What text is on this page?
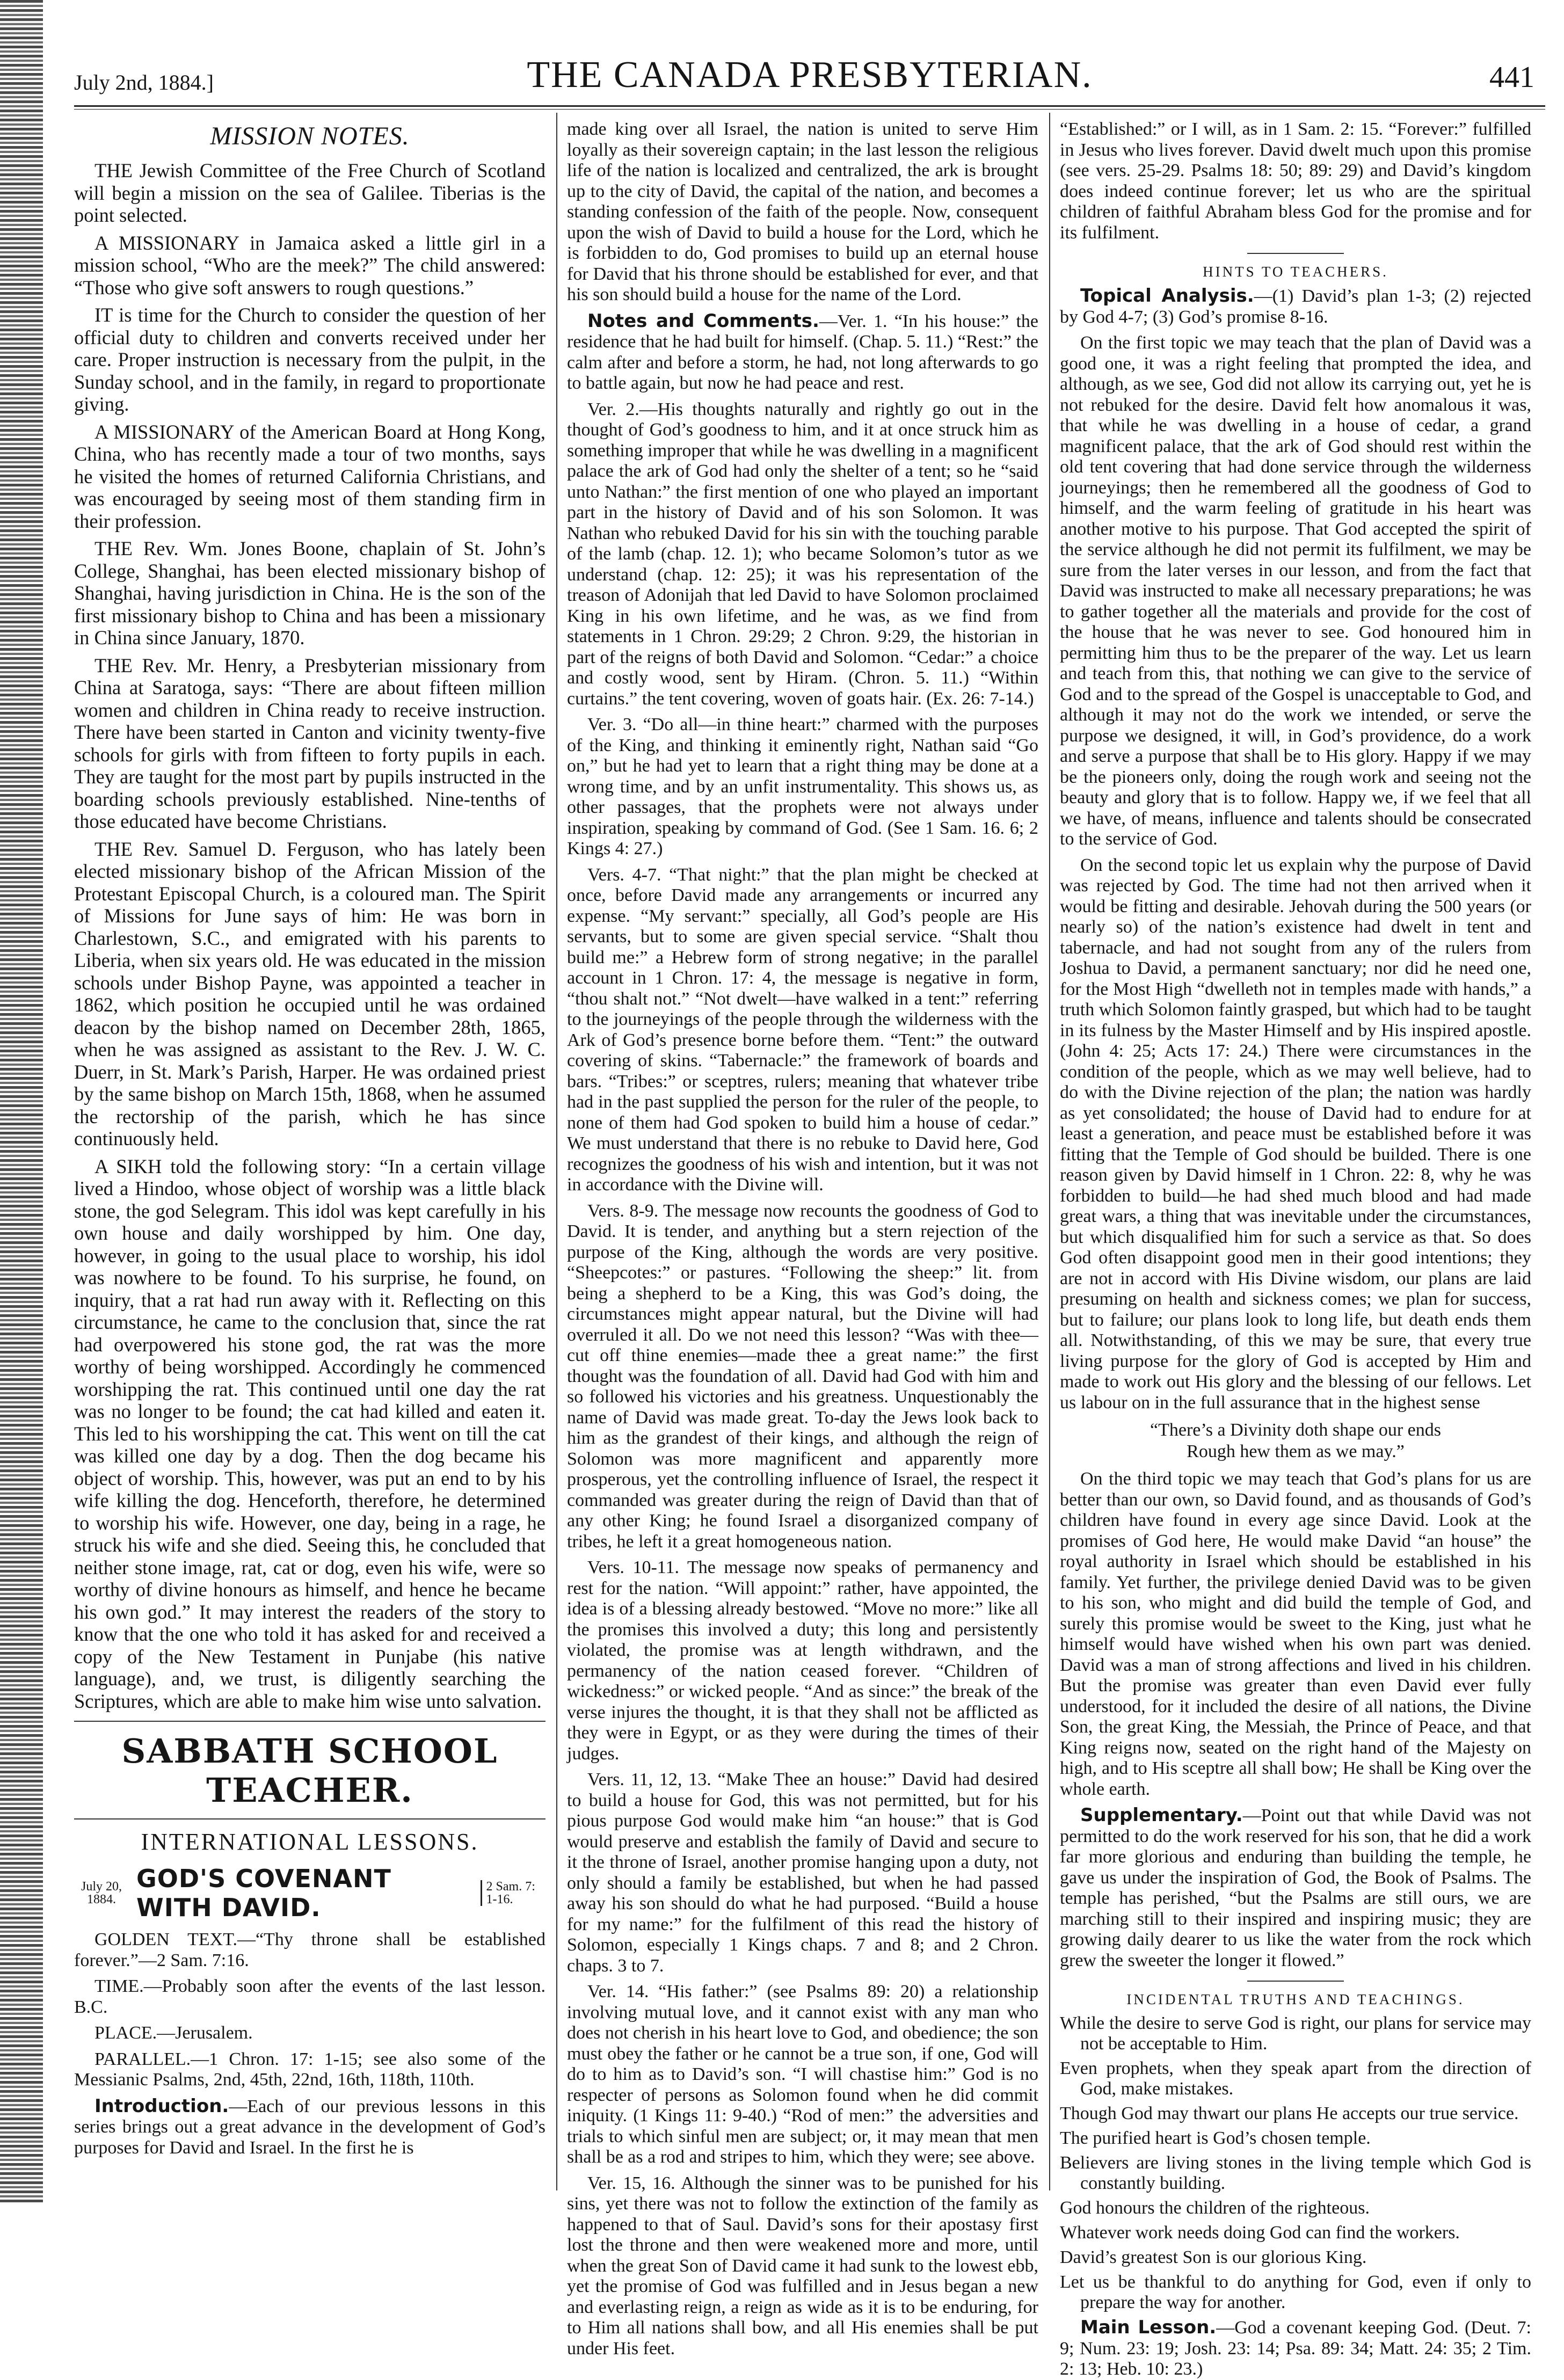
July 2nd, 1884.]	THE CANADA PRESBYTERIAN.	441
MISSION NOTES.

THE Jewish Committee of the Free Church of Scotland will begin a mission on the sea of Galilee. Tiberias is the point selected.

A MISSIONARY in Jamaica asked a little girl in a mission school, “Who are the meek?” The child answered: “Those who give soft answers to rough questions.”

IT is time for the Church to consider the question of her official duty to children and converts received under her care. Proper instruction is necessary from the pulpit, in the Sunday school, and in the family, in regard to proportionate giving.

A MISSIONARY of the American Board at Hong Kong, China, who has recently made a tour of two months, says he visited the homes of returned California Christians, and was encouraged by seeing most of them standing firm in their profession.

THE Rev. Wm. Jones Boone, chaplain of St. John’s College, Shanghai, has been elected missionary bishop of Shanghai, having jurisdiction in China. He is the son of the first missionary bishop to China and has been a missionary in China since January, 1870.

THE Rev. Mr. Henry, a Presbyterian missionary from China at Saratoga, says: “There are about fifteen million women and children in China ready to receive instruction. There have been started in Canton and vicinity twenty-five schools for girls with from fifteen to forty pupils in each. They are taught for the most part by pupils instructed in the boarding schools previously established. Nine-tenths of those educated have become Christians.

THE Rev. Samuel D. Ferguson, who has lately been elected missionary bishop of the African Mission of the Protestant Episcopal Church, is a coloured man. The Spirit of Missions for June says of him: He was born in Charlestown, S.C., and emigrated with his parents to Liberia, when six years old. He was educated in the mission schools under Bishop Payne, was appointed a teacher in 1862, which position he occupied until he was ordained deacon by the bishop named on December 28th, 1865, when he was assigned as assistant to the Rev. J. W. C. Duerr, in St. Mark’s Parish, Harper. He was ordained priest by the same bishop on March 15th, 1868, when he assumed the rectorship of the parish, which he has since continuously held.

A SIKH told the following story: “In a certain village lived a Hindoo, whose object of worship was a little black stone, the god Selegram. This idol was kept carefully in his own house and daily worshipped by him. One day, however, in going to the usual place to worship, his idol was nowhere to be found. To his surprise, he found, on inquiry, that a rat had run away with it. Reflecting on this circumstance, he came to the conclusion that, since the rat had overpowered his stone god, the rat was the more worthy of being worshipped. Accordingly he commenced worshipping the rat. This continued until one day the rat was no longer to be found; the cat had killed and eaten it. This led to his worshipping the cat. This went on till the cat was killed one day by a dog. Then the dog became his object of worship. This, however, was put an end to by his wife killing the dog. Henceforth, therefore, he determined to worship his wife. However, one day, being in a rage, he struck his wife and she died. Seeing this, he concluded that neither stone image, rat, cat or dog, even his wife, were so worthy of divine honours as himself, and hence he became his own god.” It may interest the readers of the story to know that the one who told it has asked for and received a copy of the New Testament in Punjabe (his native language), and, we trust, is diligently searching the Scriptures, which are able to make him wise unto salvation.

SABBATH SCHOOL TEACHER.
INTERNATIONAL LESSONS.
July 20, 1884.
GOD'S COVENANT WITH DAVID.
2 Sam. 7: 1-16.

GOLDEN TEXT.—“Thy throne shall be established forever.”—2 Sam. 7:16.

TIME.—Probably soon after the events of the last lesson. B.C.

PLACE.—Jerusalem.

PARALLEL.—1 Chron. 17: 1-15; see also some of the Messianic Psalms, 2nd, 45th, 22nd, 16th, 118th, 110th.

Introduction.—Each of our previous lessons in this series brings out a great advance in the development of God’s purposes for David and Israel. In the first he is

made king over all Israel, the nation is united to serve Him loyally as their sovereign captain; in the last lesson the religious life of the nation is localized and centralized, the ark is brought up to the city of David, the capital of the nation, and becomes a standing confession of the faith of the people. Now, consequent upon the wish of David to build a house for the Lord, which he is forbidden to do, God promises to build up an eternal house for David that his throne should be established for ever, and that his son should build a house for the name of the Lord.

Notes and Comments.—Ver. 1. “In his house:” the residence that he had built for himself. (Chap. 5. 11.) “Rest:” the calm after and before a storm, he had, not long afterwards to go to battle again, but now he had peace and rest.

Ver. 2.—His thoughts naturally and rightly go out in the thought of God’s goodness to him, and it at once struck him as something improper that while he was dwelling in a magnificent palace the ark of God had only the shelter of a tent; so he “said unto Nathan:” the first mention of one who played an important part in the history of David and of his son Solomon. It was Nathan who rebuked David for his sin with the touching parable of the lamb (chap. 12. 1); who became Solomon’s tutor as we understand (chap. 12: 25); it was his representation of the treason of Adonijah that led David to have Solomon proclaimed King in his own lifetime, and he was, as we find from statements in 1 Chron. 29:29; 2 Chron. 9:29, the historian in part of the reigns of both David and Solomon. “Cedar:” a choice and costly wood, sent by Hiram. (Chron. 5. 11.) “Within curtains.” the tent covering, woven of goats hair. (Ex. 26: 7-14.)

Ver. 3. “Do all—in thine heart:” charmed with the purposes of the King, and thinking it eminently right, Nathan said “Go on,” but he had yet to learn that a right thing may be done at a wrong time, and by an unfit instrumentality. This shows us, as other passages, that the prophets were not always under inspiration, speaking by command of God. (See 1 Sam. 16. 6; 2 Kings 4: 27.)

Vers. 4-7. “That night:” that the plan might be checked at once, before David made any arrangements or incurred any expense. “My servant:” specially, all God’s people are His servants, but to some are given special service. “Shalt thou build me:” a Hebrew form of strong negative; in the parallel account in 1 Chron. 17: 4, the message is negative in form, “thou shalt not.” “Not dwelt—have walked in a tent:” referring to the journeyings of the people through the wilderness with the Ark of God’s presence borne before them. “Tent:” the outward covering of skins. “Tabernacle:” the framework of boards and bars. “Tribes:” or sceptres, rulers; meaning that whatever tribe had in the past supplied the person for the ruler of the people, to none of them had God spoken to build him a house of cedar.” We must understand that there is no rebuke to David here, God recognizes the goodness of his wish and intention, but it was not in accordance with the Divine will.

Vers. 8-9. The message now recounts the goodness of God to David. It is tender, and anything but a stern rejection of the purpose of the King, although the words are very positive. “Sheepcotes:” or pastures. “Following the sheep:” lit. from being a shepherd to be a King, this was God’s doing, the circumstances might appear natural, but the Divine will had overruled it all. Do we not need this lesson? “Was with thee—cut off thine enemies—made thee a great name:” the first thought was the foundation of all. David had God with him and so followed his victories and his greatness. Unquestionably the name of David was made great. To-day the Jews look back to him as the grandest of their kings, and although the reign of Solomon was more magnificent and apparently more prosperous, yet the controlling influence of Israel, the respect it commanded was greater during the reign of David than that of any other King; he found Israel a disorganized company of tribes, he left it a great homogeneous nation.

Vers. 10-11. The message now speaks of permanency and rest for the nation. “Will appoint:” rather, have appointed, the idea is of a blessing already bestowed. “Move no more:” like all the promises this involved a duty; this long and persistently violated, the promise was at length withdrawn, and the permanency of the nation ceased forever. “Children of wickedness:” or wicked people. “And as since:” the break of the verse injures the thought, it is that they shall not be afflicted as they were in Egypt, or as they were during the times of their judges.

Vers. 11, 12, 13. “Make Thee an house:” David had desired to build a house for God, this was not permitted, but for his pious purpose God would make him “an house:” that is God would preserve and establish the family of David and secure to it the throne of Israel, another promise hanging upon a duty, not only should a family be established, but when he had passed away his son should do what he had purposed. “Build a house for my name:” for the fulfilment of this read the history of Solomon, especially 1 Kings chaps. 7 and 8; and 2 Chron. chaps. 3 to 7.

Ver. 14. “His father:” (see Psalms 89: 20) a relationship involving mutual love, and it cannot exist with any man who does not cherish in his heart love to God, and obedience; the son must obey the father or he cannot be a true son, if one, God will do to him as to David’s son. “I will chastise him:” God is no respecter of persons as Solomon found when he did commit iniquity. (1 Kings 11: 9-40.) “Rod of men:” the adversities and trials to which sinful men are subject; or, it may mean that men shall be as a rod and stripes to him, which they were; see above.

Ver. 15, 16. Although the sinner was to be punished for his sins, yet there was not to follow the extinction of the family as happened to that of Saul. David’s sons for their apostasy first lost the throne and then were weakened more and more, until when the great Son of David came it had sunk to the lowest ebb, yet the promise of God was fulfilled and in Jesus began a new and everlasting reign, a reign as wide as it is to be enduring, for to Him all nations shall bow, and all His enemies shall be put under His feet.

“Established:” or I will, as in 1 Sam. 2: 15. “Forever:” fulfilled in Jesus who lives forever. David dwelt much upon this promise (see vers. 25-29. Psalms 18: 50; 89: 29) and David’s kingdom does indeed continue forever; let us who are the spiritual children of faithful Abraham bless God for the promise and for its fulfilment.

HINTS TO TEACHERS.

Topical Analysis.—(1) David’s plan 1-3; (2) rejected by God 4-7; (3) God’s promise 8-16.

On the first topic we may teach that the plan of David was a good one, it was a right feeling that prompted the idea, and although, as we see, God did not allow its carrying out, yet he is not rebuked for the desire. David felt how anomalous it was, that while he was dwelling in a house of cedar, a grand magnificent palace, that the ark of God should rest within the old tent covering that had done service through the wilderness journeyings; then he remembered all the goodness of God to himself, and the warm feeling of gratitude in his heart was another motive to his purpose. That God accepted the spirit of the service although he did not permit its fulfilment, we may be sure from the later verses in our lesson, and from the fact that David was instructed to make all necessary preparations; he was to gather together all the materials and provide for the cost of the house that he was never to see. God honoured him in permitting him thus to be the preparer of the way. Let us learn and teach from this, that nothing we can give to the service of God and to the spread of the Gospel is unacceptable to God, and although it may not do the work we intended, or serve the purpose we designed, it will, in God’s providence, do a work and serve a purpose that shall be to His glory. Happy if we may be the pioneers only, doing the rough work and seeing not the beauty and glory that is to follow. Happy we, if we feel that all we have, of means, influence and talents should be consecrated to the service of God.

On the second topic let us explain why the purpose of David was rejected by God. The time had not then arrived when it would be fitting and desirable. Jehovah during the 500 years (or nearly so) of the nation’s existence had dwelt in tent and tabernacle, and had not sought from any of the rulers from Joshua to David, a permanent sanctuary; nor did he need one, for the Most High “dwelleth not in temples made with hands,” a truth which Solomon faintly grasped, but which had to be taught in its fulness by the Master Himself and by His inspired apostle. (John 4: 25; Acts 17: 24.) There were circumstances in the condition of the people, which as we may well believe, had to do with the Divine rejection of the plan; the nation was hardly as yet consolidated; the house of David had to endure for at least a generation, and peace must be established before it was fitting that the Temple of God should be builded. There is one reason given by David himself in 1 Chron. 22: 8, why he was forbidden to build—he had shed much blood and had made great wars, a thing that was inevitable under the circumstances, but which disqualified him for such a service as that. So does God often disappoint good men in their good intentions; they are not in accord with His Divine wisdom, our plans are laid presuming on health and sickness comes; we plan for success, but to failure; our plans look to long life, but death ends them all. Notwithstanding, of this we may be sure, that every true living purpose for the glory of God is accepted by Him and made to work out His glory and the blessing of our fellows. Let us labour on in the full assurance that in the highest sense

“There’s a Divinity doth shape our ends
Rough hew them as we may.”

On the third topic we may teach that God’s plans for us are better than our own, so David found, and as thousands of God’s children have found in every age since David. Look at the promises of God here, He would make David “an house” the royal authority in Israel which should be established in his family. Yet further, the privilege denied David was to be given to his son, who might and did build the temple of God, and surely this promise would be sweet to the King, just what he himself would have wished when his own part was denied. David was a man of strong affections and lived in his children. But the promise was greater than even David ever fully understood, for it included the desire of all nations, the Divine Son, the great King, the Messiah, the Prince of Peace, and that King reigns now, seated on the right hand of the Majesty on high, and to His sceptre all shall bow; He shall be King over the whole earth.

Supplementary.—Point out that while David was not permitted to do the work reserved for his son, that he did a work far more glorious and enduring than building the temple, he gave us under the inspiration of God, the Book of Psalms. The temple has perished, “but the Psalms are still ours, we are marching still to their inspired and inspiring music; they are growing daily dearer to us like the water from the rock which grew the sweeter the longer it flowed.”

INCIDENTAL TRUTHS AND TEACHINGS.

While the desire to serve God is right, our plans for service may not be acceptable to Him.

Even prophets, when they speak apart from the direction of God, make mistakes.

Though God may thwart our plans He accepts our true service.

The purified heart is God’s chosen temple.

Believers are living stones in the living temple which God is constantly building.

God honours the children of the righteous.

Whatever work needs doing God can find the workers.

David’s greatest Son is our glorious King.

Let us be thankful to do anything for God, even if only to prepare the way for another.

Main Lesson.—God a covenant keeping God. (Deut. 7: 9; Num. 23: 19; Josh. 23: 14; Psa. 89: 34; Matt. 24: 35; 2 Tim. 2: 13; Heb. 10: 23.)
